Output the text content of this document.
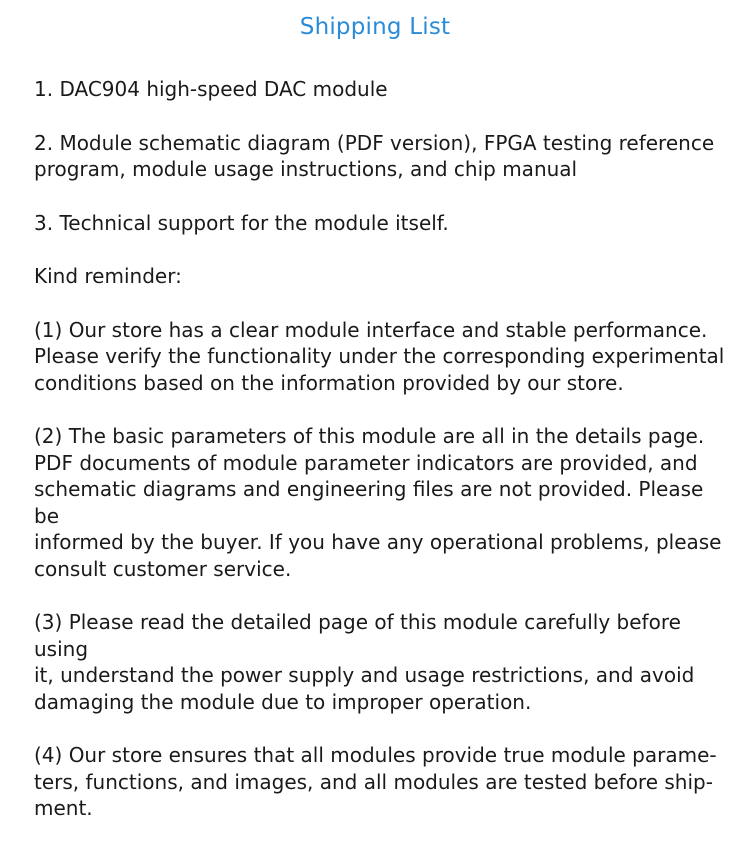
Shipping List

1. DAC904 high-speed DAC module

2. Module schematic diagram (PDF version), FPGA testing reference
program, module usage instructions, and chip manual

3. Technical support for the module itself.

Kind reminder:

(1) Our store has a clear module interface and stable performance.
Please verify the functionality under the corresponding experimental
conditions based on the information provided by our store.

(2) The basic parameters of this module are all in the details page.
PDF documents of module parameter indicators are provided, and
schematic diagrams and engineering files are not provided. Please be
informed by the buyer. If you have any operational problems, please
consult customer service.

(3) Please read the detailed page of this module carefully before using
it, understand the power supply and usage restrictions, and avoid
damaging the module due to improper operation.

(4) Our store ensures that all modules provide true module parame-
ters, functions, and images, and all modules are tested before ship-
ment.
